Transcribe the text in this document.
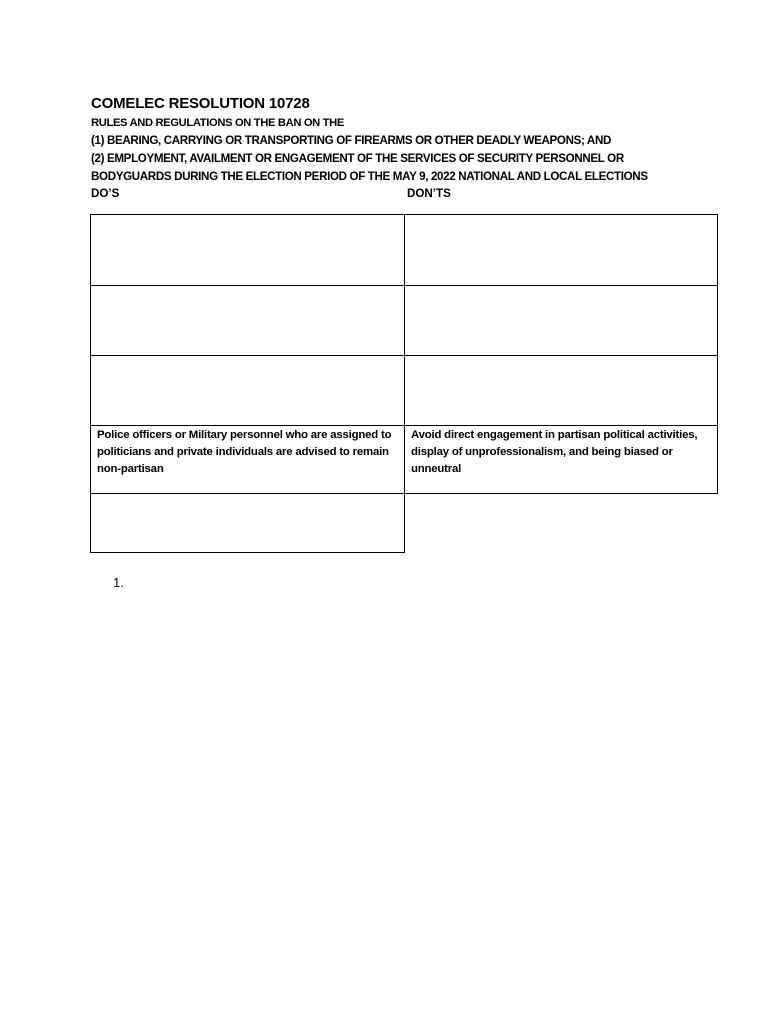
COMELEC RESOLUTION 10728
RULES AND REGULATIONS ON THE BAN ON THE
(1) BEARING, CARRYING OR TRANSPORTING OF FIREARMS OR OTHER DEADLY WEAPONS; AND
(2) EMPLOYMENT, AVAILMENT OR ENGAGEMENT OF THE SERVICES OF SECURITY PERSONNEL OR
BODYGUARDS DURING THE ELECTION PERIOD OF THE MAY 9, 2022 NATIONAL AND LOCAL ELECTIONS
DO’S	DON’TS
Police officers or Military personnel who are assigned to politicians and private individuals are advised to remain non-partisan
Avoid direct engagement in partisan political activities, display of unprofessionalism, and being biased or unneutral
1.
